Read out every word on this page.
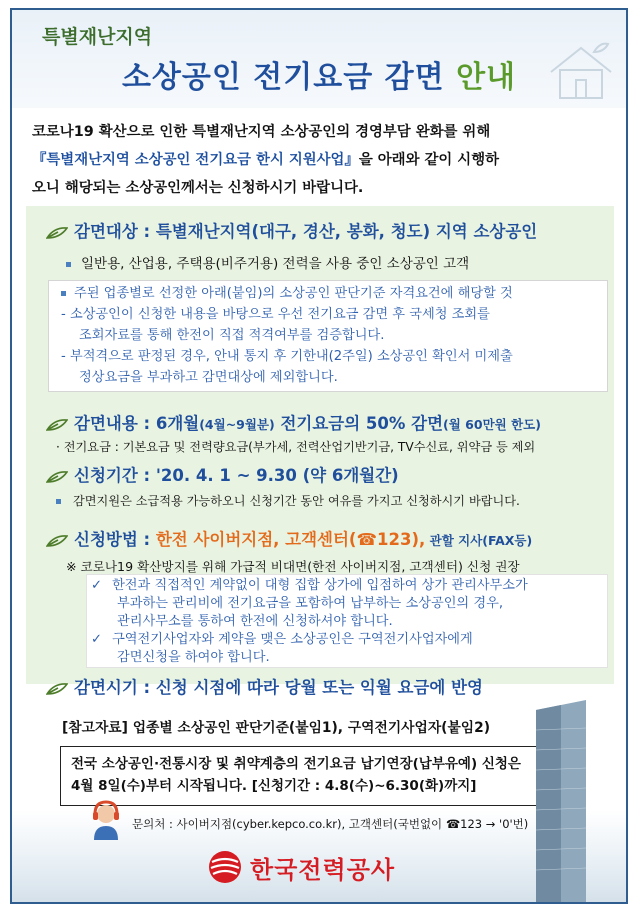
특별재난지역
소상공인 전기요금 감면 안내
코로나19 확산으로 인한 특별재난지역 소상공인의 경영부담 완화를 위해
『특별재난지역 소상공인 전기요금 한시 지원사업』을 아래와 같이 시행하
오니 해당되는 소상공인께서는 신청하시기 바랍니다.
감면대상 : 특별재난지역(대구, 경산, 봉화, 청도) 지역 소상공인
일반용, 산업용, 주택용(비주거용) 전력을 사용 중인 소상공인 고객
주된 업종별로 선정한 아래(붙임)의 소상공인 판단기준 자격요건에 해당할 것
- 소상공인이 신청한 내용을 바탕으로 우선 전기요금 감면 후 국세청 조회를
조회자료를 통해 한전이 직접 적격여부를 검증합니다.
- 부적격으로 판정된 경우, 안내 통지 후 기한내(2주일) 소상공인 확인서 미제출
정상요금을 부과하고 감면대상에 제외합니다.
감면내용 : 6개월(4월~9월분) 전기요금의 50% 감면(월 60만원 한도)
· 전기요금 : 기본요금 및 전력량요금(부가세, 전력산업기반기금, TV수신료, 위약금 등 제외
신청기간 : '20. 4. 1 ~ 9.30 (약 6개월간)
감면지원은 소급적용 가능하오니 신청기간 동안 여유를 가지고 신청하시기 바랍니다.
신청방법 : 한전 사이버지점, 고객센터(☎123), 관할 지사(FAX등)
※ 코로나19 확산방지를 위해 가급적 비대면(한전 사이버지점, 고객센터) 신청 권장
✓ 한전과 직접적인 계약없이 대형 집합 상가에 입점하여 상가 관리사무소가
부과하는 관리비에 전기요금을 포함하여 납부하는 소상공인의 경우,
관리사무소를 통하여 한전에 신청하셔야 합니다.
✓ 구역전기사업자와 계약을 맺은 소상공인은 구역전기사업자에게
감면신청을 하여야 합니다.
감면시기 : 신청 시점에 따라 당월 또는 익월 요금에 반영
[참고자료] 업종별 소상공인 판단기준(붙임1), 구역전기사업자(붙임2)
전국 소상공인·전통시장 및 취약계층의 전기요금 납기연장(납부유예) 신청은
4월 8일(수)부터 시작됩니다. [신청기간 : 4.8(수)~6.30(화)까지]
문의처 : 사이버지점(cyber.kepco.co.kr), 고객센터(국번없이 ☎123 → '0'번)
한국전력공사
